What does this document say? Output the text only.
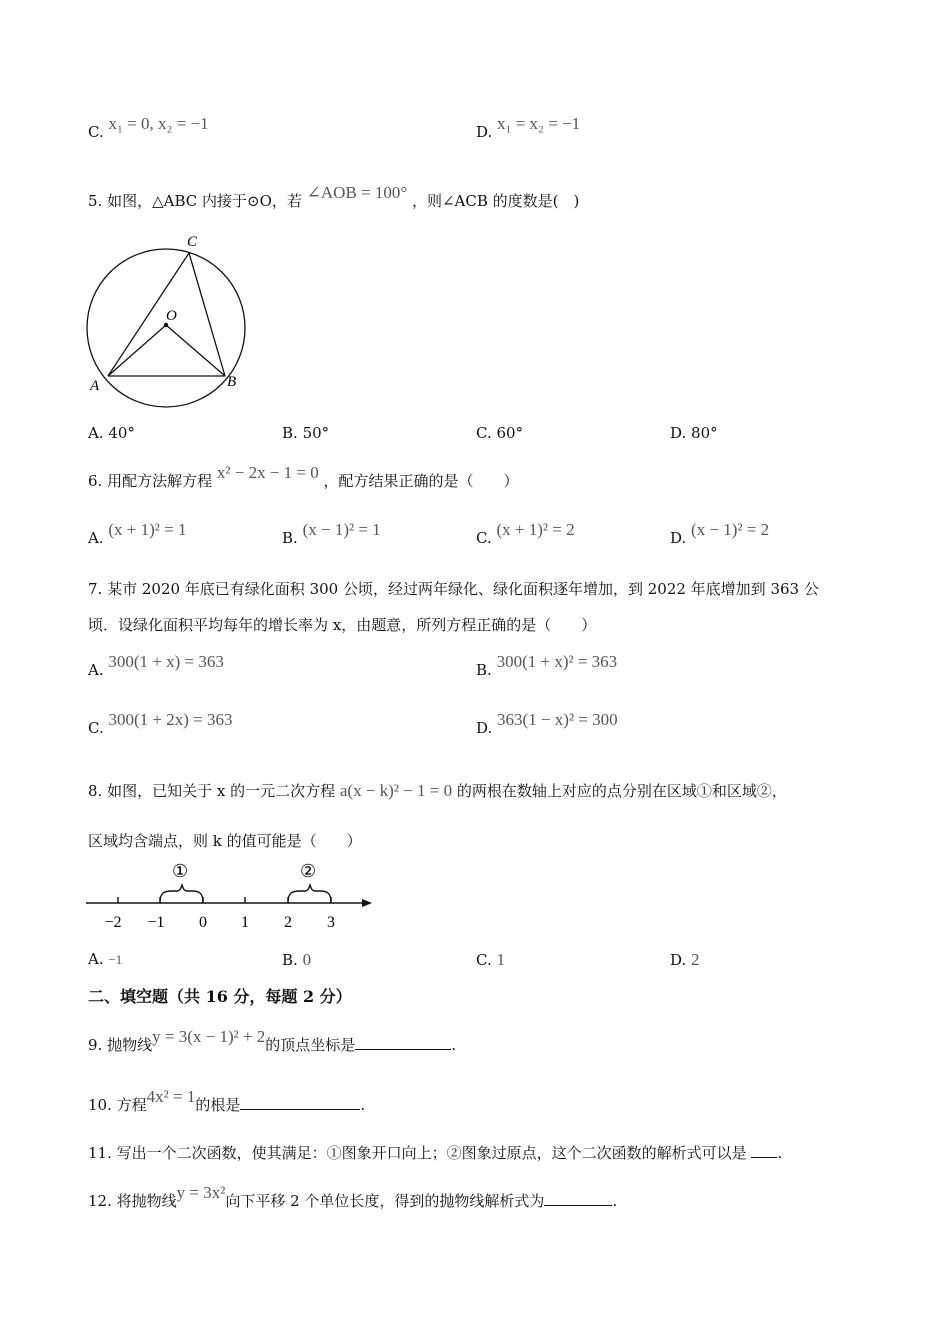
C. x₁ = 0, x₂ = −1	D. x₁ = x₂ = −1
5. 如图，△ABC 内接于⊙O，若 ∠AOB = 100° ，则∠ACB 的度数是(　)
C
O
A	B
A. 40°	B. 50°	C. 60°	D. 80°
6. 用配方法解方程 x² − 2x − 1 = 0 ，配方结果正确的是（　　）
A. (x + 1)² = 1	B. (x − 1)² = 1	C. (x + 1)² = 2	D. (x − 1)² = 2
7. 某市 2020 年底已有绿化面积 300 公顷，经过两年绿化、绿化面积逐年增加，到 2022 年底增加到 363 公
顷．设绿化面积平均每年的增长率为 x，由题意，所列方程正确的是（　　）
A. 300(1 + x) = 363	B. 300(1 + x)² = 363
C. 300(1 + 2x) = 363	D. 363(1 − x)² = 300
8. 如图，已知关于 x 的一元二次方程 a(x − k)² − 1 = 0 的两根在数轴上对应的点分别在区域①和区域②，
区域均含端点，则 k 的值可能是（　　）
①	②
−2 −1 0 1 2 3
A. −1	B. 0	C. 1	D. 2
二、填空题（共 16 分，每题 2 分）
9. 抛物线y = 3(x − 1)² + 2的顶点坐标是	.
10. 方程4x² = 1的根是	.
11. 写出一个二次函数，使其满足：①图象开口向上；②图象过原点，这个二次函数的解析式可以是 .
12. 将抛物线y = 3x²向下平移 2 个单位长度，得到的抛物线解析式为	.
